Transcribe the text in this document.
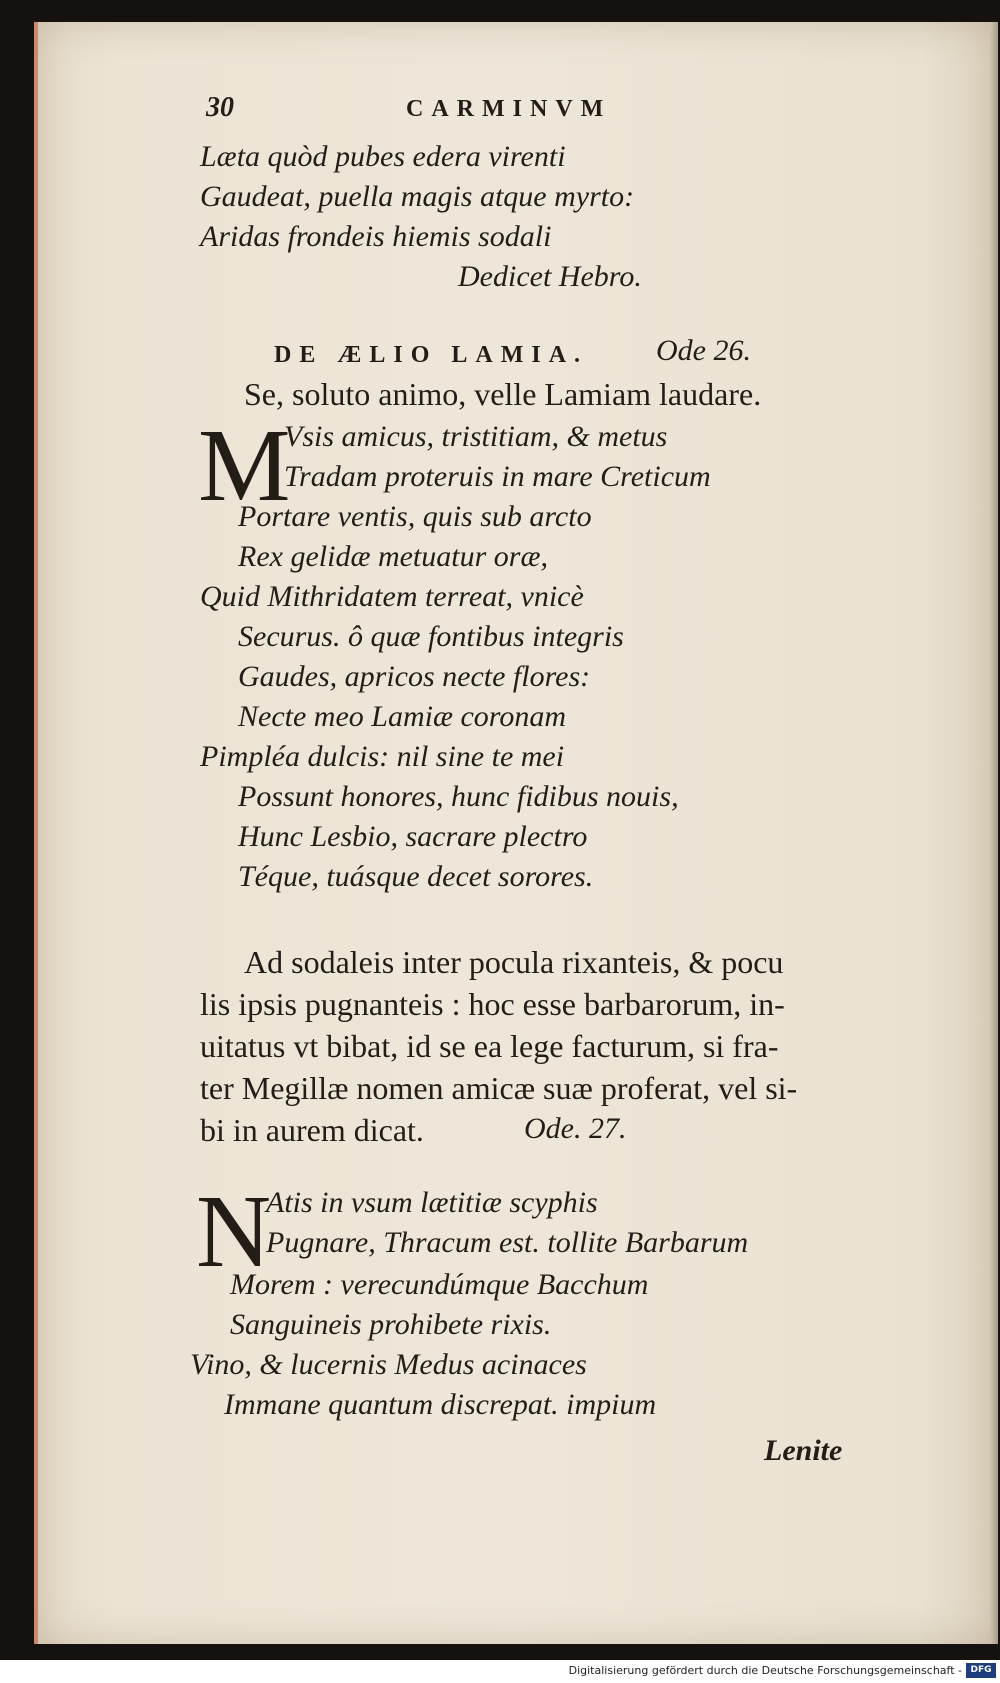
30	CARMINVM
Læta quòd pubes edera virenti
Gaudeat, puella magis atque myrto:
Aridas frondeis hiemis sodali
Dedicet Hebro.
DE ÆLIO LAMIA. Ode 26.
Se, soluto animo, velle Lamiam laudare.
M
Vsis amicus, tristitiam, & metus
Tradam proteruis in mare Creticum
Portare ventis, quis sub arcto
Rex gelidæ metuatur oræ,
Quid Mithridatem terreat, vnicè
Securus. ô quæ fontibus integris
Gaudes, apricos necte flores:
Necte meo Lamiæ coronam
Pimpléa dulcis: nil sine te mei
Possunt honores, hunc fidibus nouis,
Hunc Lesbio, sacrare plectro
Téque, tuásque decet sorores.
Ad sodaleis inter pocula rixanteis, & pocu
lis ipsis pugnanteis : hoc esse barbarorum, in-
uitatus vt bibat, id se ea lege facturum, si fra-
ter Megillæ nomen amicæ suæ proferat, vel si-
bi in aurem dicat.	Ode. 27.
N
Atis in vsum lætitiæ scyphis
Pugnare, Thracum est. tollite Barbarum
Morem : verecundúmque Bacchum
Sanguineis prohibete rixis.
Vino, & lucernis Medus acinaces
Immane quantum discrepat. impium
Lenite
Digitalisierung gefördert durch die Deutsche Forschungsgemeinschaft - DFG
